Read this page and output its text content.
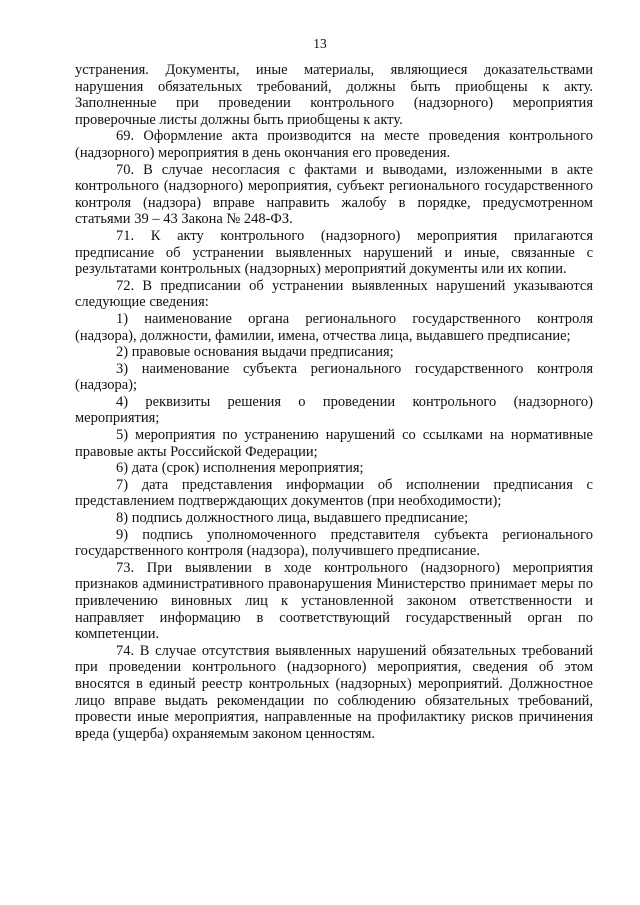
13

устранения. Документы, иные материалы, являющиеся доказательствами нарушения обязательных требований, должны быть приобщены к акту. Заполненные при проведении контрольного (надзорного) мероприятия проверочные листы должны быть приобщены к акту.

69. Оформление акта производится на месте проведения контрольного (надзорного) мероприятия в день окончания его проведения.

70. В случае несогласия с фактами и выводами, изложенными в акте контрольного (надзорного) мероприятия, субъект регионального государственного контроля (надзора) вправе направить жалобу в порядке, предусмотренном статьями 39 – 43 Закона № 248-ФЗ.

71. К акту контрольного (надзорного) мероприятия прилагаются предписание об устранении выявленных нарушений и иные, связанные с результатами контрольных (надзорных) мероприятий документы или их копии.

72. В предписании об устранении выявленных нарушений указываются следующие сведения:

1) наименование органа регионального государственного контроля (надзора), должности, фамилии, имена, отчества лица, выдавшего предписание;

2) правовые основания выдачи предписания;

3) наименование субъекта регионального государственного контроля (надзора);

4) реквизиты решения о проведении контрольного (надзорного) мероприятия;

5) мероприятия по устранению нарушений со ссылками на нормативные правовые акты Российской Федерации;

6) дата (срок) исполнения мероприятия;

7) дата представления информации об исполнении предписания с представлением подтверждающих документов (при необходимости);

8) подпись должностного лица, выдавшего предписание;

9) подпись уполномоченного представителя субъекта регионального государственного контроля (надзора), получившего предписание.

73. При выявлении в ходе контрольного (надзорного) мероприятия признаков административного правонарушения Министерство принимает меры по привлечению виновных лиц к установленной законом ответственности и направляет информацию в соответствующий государственный орган по компетенции.

74. В случае отсутствия выявленных нарушений обязательных требований при проведении контрольного (надзорного) мероприятия, сведения об этом вносятся в единый реестр контрольных (надзорных) мероприятий. Должностное лицо вправе выдать рекомендации по соблюдению обязательных требований, провести иные мероприятия, направленные на профилактику рисков причинения вреда (ущерба) охраняемым законом ценностям.
